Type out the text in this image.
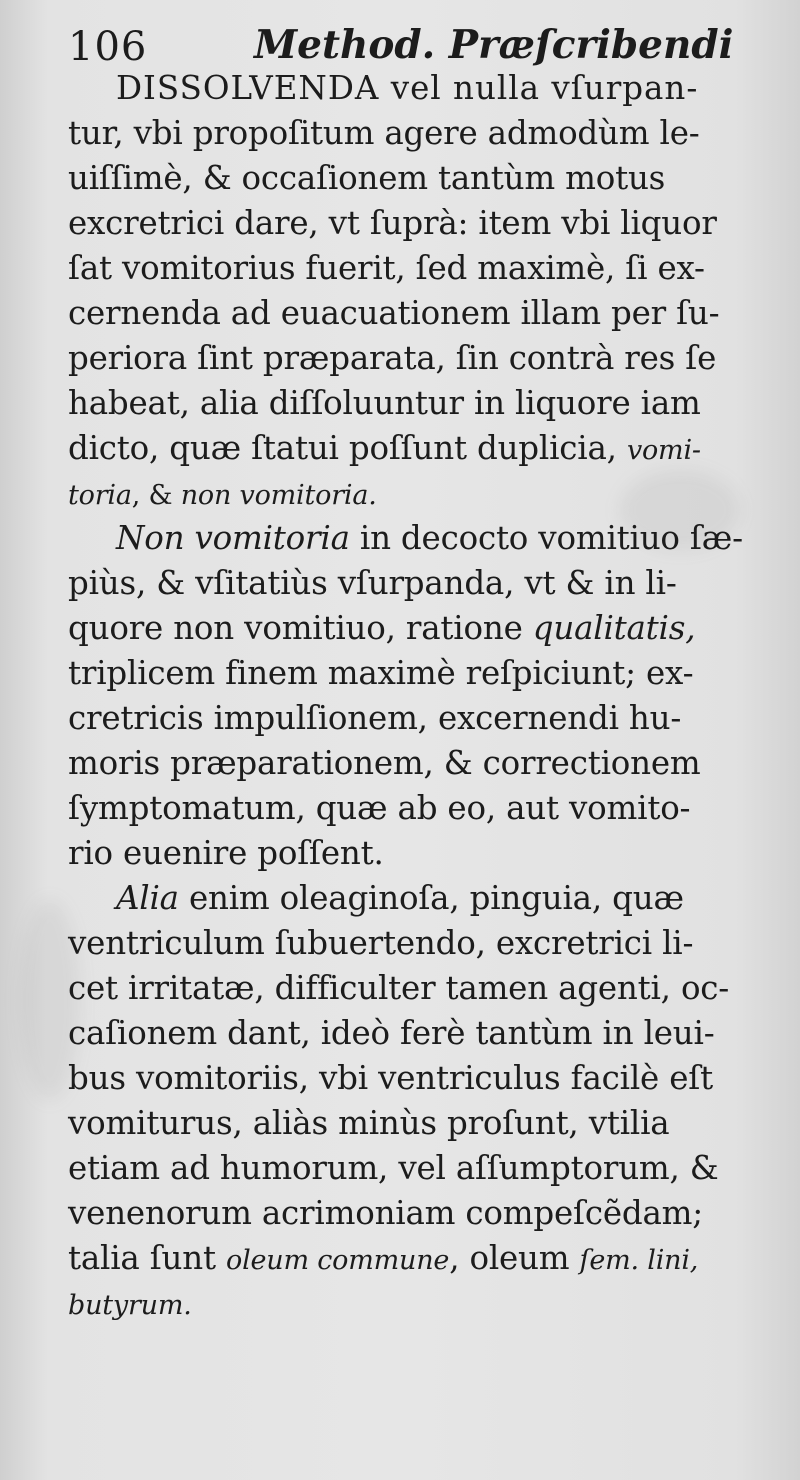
106	Method. Præſcribendi
DISSOLVENDA vel nulla vſurpan-
tur, vbi propoſitum agere admodùm le-
uiſſimè, & occaſionem tantùm motus
excretrici dare, vt ſuprà: item vbi liquor
ſat vomitorius fuerit, ſed maximè, ſi ex-
cernenda ad euacuationem illam per ſu-
periora ſint præparata, ſin contrà res ſe
habeat, alia diſſoluuntur in liquore iam
dicto, quæ ſtatui poſſunt duplicia, vomi-
toria, & non vomitoria.
Non vomitoria in decocto vomitiuo ſæ-
piùs, & vſitatiùs vſurpanda, vt & in li-
quore non vomitiuo, ratione qualitatis,
triplicem finem maximè reſpiciunt; ex-
cretricis impulſionem, excernendi hu-
moris præparationem, & correctionem
ſymptomatum, quæ ab eo, aut vomito-
rio euenire poſſent.
Alia enim oleaginoſa, pinguia, quæ
ventriculum ſubuertendo, excretrici li-
cet irritatæ, difficulter tamen agenti, oc-
caſionem dant, ideò ferè tantùm in leui-
bus vomitoriis, vbi ventriculus facilè eſt
vomiturus, aliàs minùs proſunt, vtilia
etiam ad humorum, vel aſſumptorum, &
venenorum acrimoniam compeſcẽdam;
talia ſunt oleum commune, oleum ſem. lini,
butyrum.
